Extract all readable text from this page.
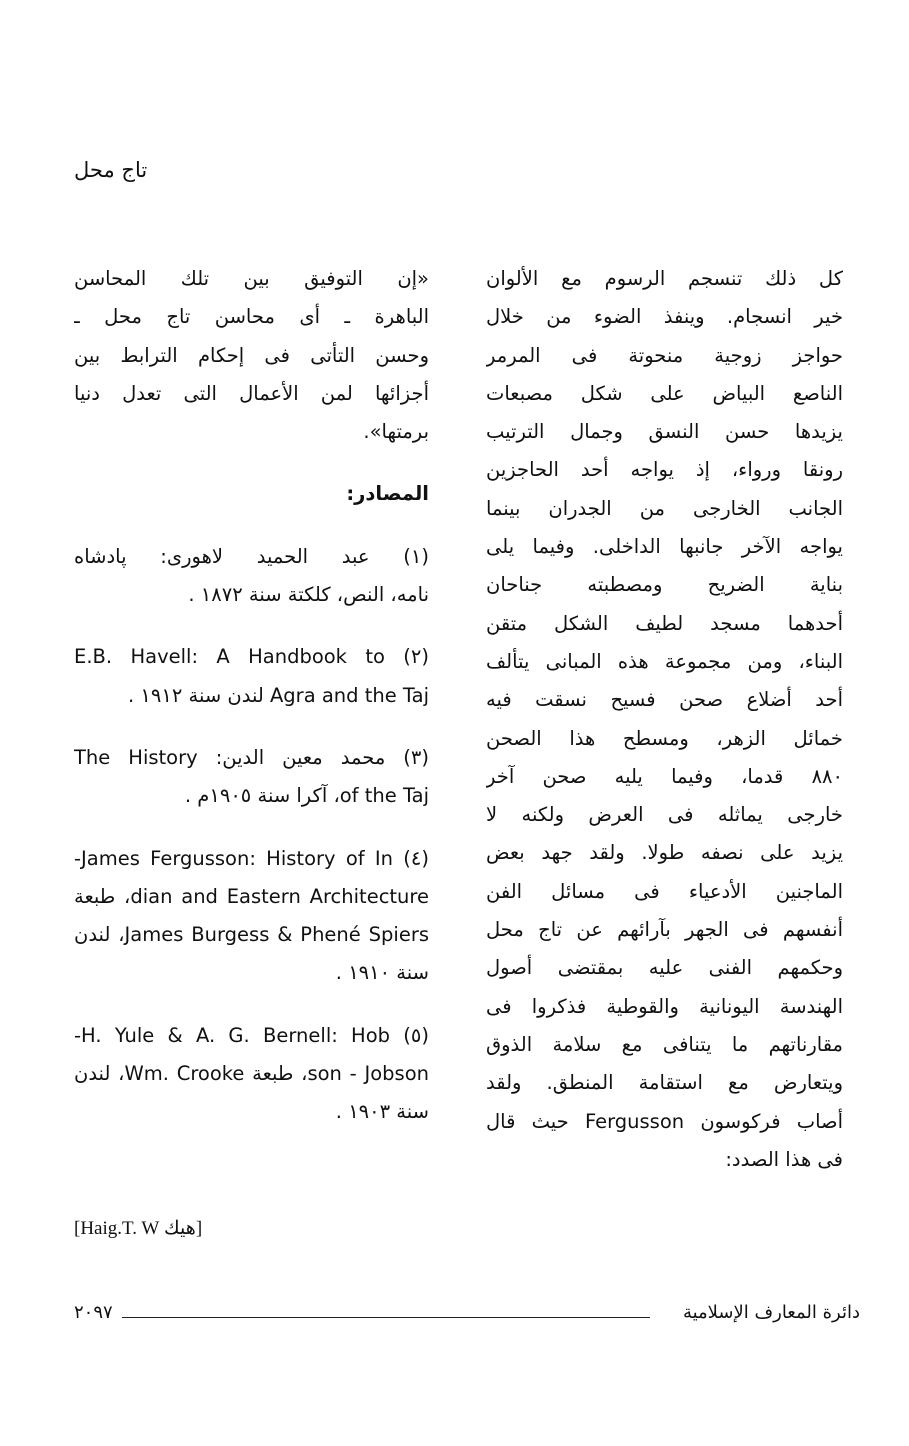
تاج محل
كل ذلك تنسجم الرسوم مع الألوان
خير انسجام. وينفذ الضوء من خلال
حواجز زوجية منحوتة فى المرمر
الناصع البياض على شكل مصبعات
يزيدها حسن النسق وجمال الترتيب
رونقا ورواء، إذ يواجه أحد الحاجزين
الجانب الخارجى من الجدران بينما
يواجه الآخر جانبها الداخلى. وفيما يلى
بناية الضريح ومصطبته جناحان
أحدهما مسجد لطيف الشكل متقن
البناء، ومن مجموعة هذه المبانى يتألف
أحد أضلاع صحن فسيح نسقت فيه
خمائل الزهر، ومسطح هذا الصحن
٨٨٠ قدما، وفيما يليه صحن آخر
خارجى يماثله فى العرض ولكنه لا
يزيد على نصفه طولا. ولقد جهد بعض
الماجنين الأدعياء فى مسائل الفن
أنفسهم فى الجهر بآرائهم عن تاج محل
وحكمهم الفنى عليه بمقتضى أصول
الهندسة اليونانية والقوطية فذكروا فى
مقارناتهم ما يتنافى مع سلامة الذوق
ويتعارض مع استقامة المنطق. ولقد
أصاب فركوسون Fergusson حيث قال
فى هذا الصدد:
«إن التوفيق بين تلك المحاسن
الباهرة ـ أى محاسن تاج محل ـ
وحسن التأتى فى إحكام الترابط بين
أجزائها لمن الأعمال التى تعدل دنيا
برمتها».
المصادر:
(١) عبد الحميد لاهورى: پادشاه
نامه، النص، كلكتة سنة ١٨٧٢ .
(٢) E.B. Havell: A Handbook to
Agra and the Taj لندن سنة ١٩١٢ .
(٣) محمد معين الدين: The History
of the Taj، آكرا سنة ١٩٠٥م .
(٤) James Fergusson: History of In-
dian and Eastern Architecture، طبعة
James Burgess & Phené Spiers، لندن
سنة ١٩١٠ .
(٥) H. Yule & A. G. Bernell: Hob-
son - Jobson، طبعة Wm. Crooke، لندن
سنة ١٩٠٣ .
[هيك Haig.T. W]
دائرة المعارف الإسلامية
٢٠٩٧
